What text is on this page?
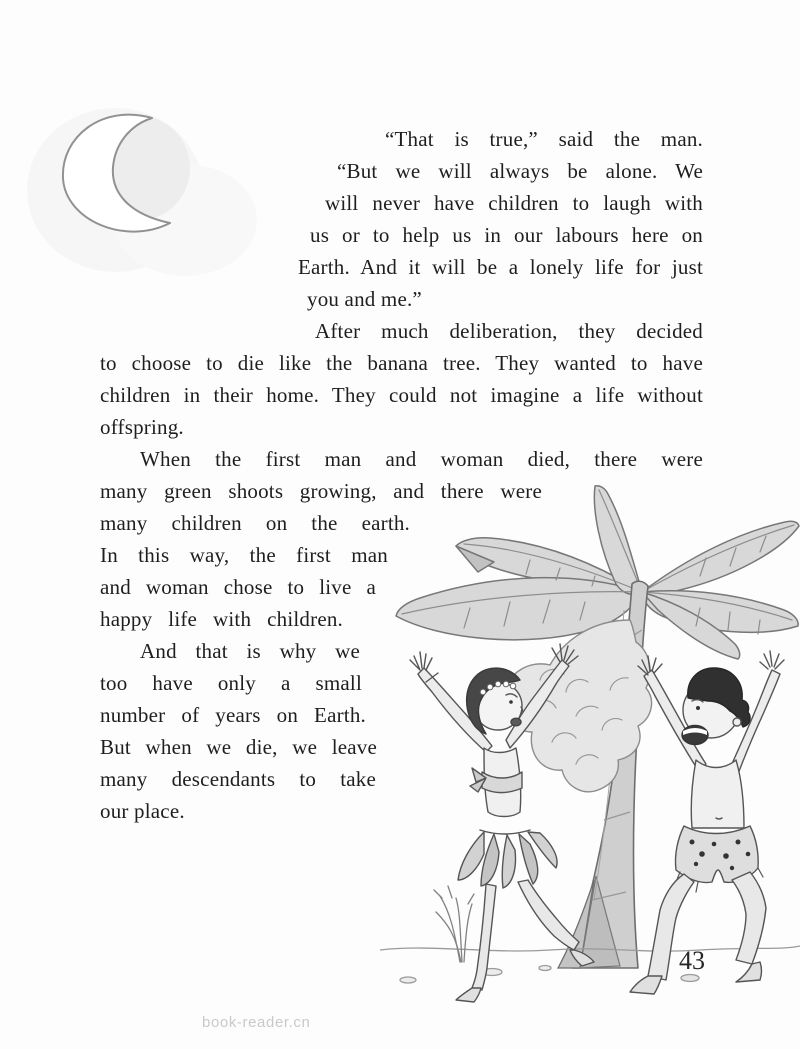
“That is true,” said the man.
“But we will always be alone. We
will never have children to laugh with
us or to help us in our labours here on
Earth. And it will be a lonely life for just
you and me.”
After much deliberation, they decided
to choose to die like the banana tree. They wanted to have
children in their home. They could not imagine a life without
offspring.
When the first man and woman died, there were
many green shoots growing, and there were
many children on the earth.
In this way, the first man
and woman chose to live a
happy life with children.
And that is why we
too have only a small
number of years on Earth.
But when we die, we leave
many descendants to take
our place.
43
book-reader.cn
